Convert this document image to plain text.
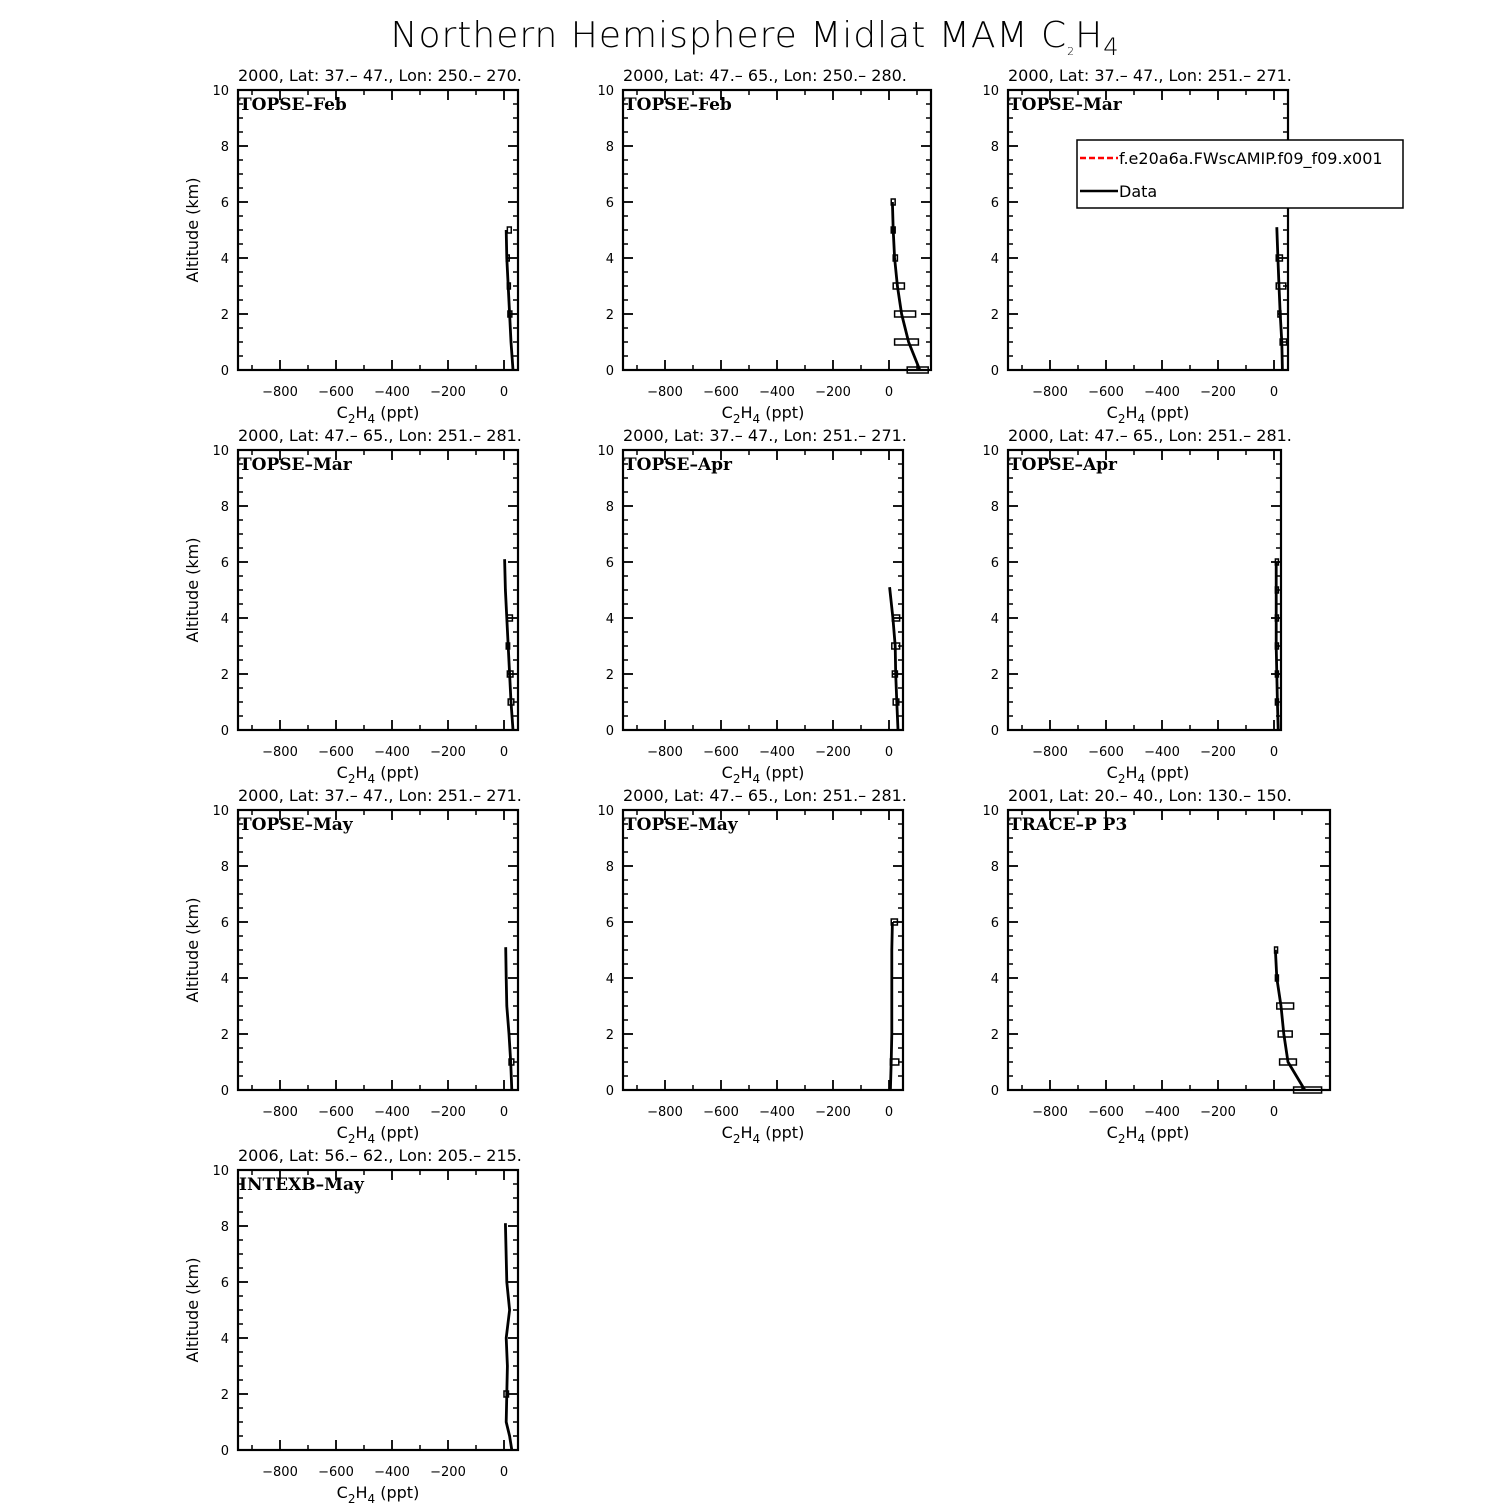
Northern Hemisphere Midlat MAM $C_2H_4$
2000, Lat: 37.– 47., Lon: 250.– 270.
0
2
4
6
8
10
−800 −600 −400 −200	0
TOPSE–Feb
$C_2H_4$ (ppt)
Altitude (km)
2000, Lat: 47.– 65., Lon: 250.– 280.
0
2
4
6
8
10
−800 −600 −400 −200	0
TOPSE–Feb
$C_2H_4$ (ppt)
2000, Lat: 37.– 47., Lon: 251.– 271.
0
2
4
6
8
10
−800 −600 −400 −200	0
TOPSE–Mar
$C_2H_4$ (ppt)
2000, Lat: 47.– 65., Lon: 251.– 281.
0
2
4
6
8
10
−800 −600 −400 −200	0
TOPSE–Mar
$C_2H_4$ (ppt)
Altitude (km)
2000, Lat: 37.– 47., Lon: 251.– 271.
0
2
4
6
8
10
−800 −600 −400 −200	0
TOPSE–Apr
$C_2H_4$ (ppt)
2000, Lat: 47.– 65., Lon: 251.– 281.
0
2
4
6
8
10
−800 −600 −400 −200	0
TOPSE–Apr
$C_2H_4$ (ppt)
2000, Lat: 37.– 47., Lon: 251.– 271.
0
2
4
6
8
10
−800 −600 −400 −200	0
TOPSE–May
$C_2H_4$ (ppt)
Altitude (km)
2000, Lat: 47.– 65., Lon: 251.– 281.
0
2
4
6
8
10
−800 −600 −400 −200	0
TOPSE–May
$C_2H_4$ (ppt)
2001, Lat: 20.– 40., Lon: 130.– 150.
0
2
4
6
8
10
−800 −600 −400 −200	0
TRACE–P P3
$C_2H_4$ (ppt)
2006, Lat: 56.– 62., Lon: 205.– 215.
0
2
4
6
8
10
−800 −600 −400 −200	0
INTEXB–May
$C_2H_4$ (ppt)
Altitude (km)
f.e20a6a.FWscAMIP.f09_f09.x001
Data
